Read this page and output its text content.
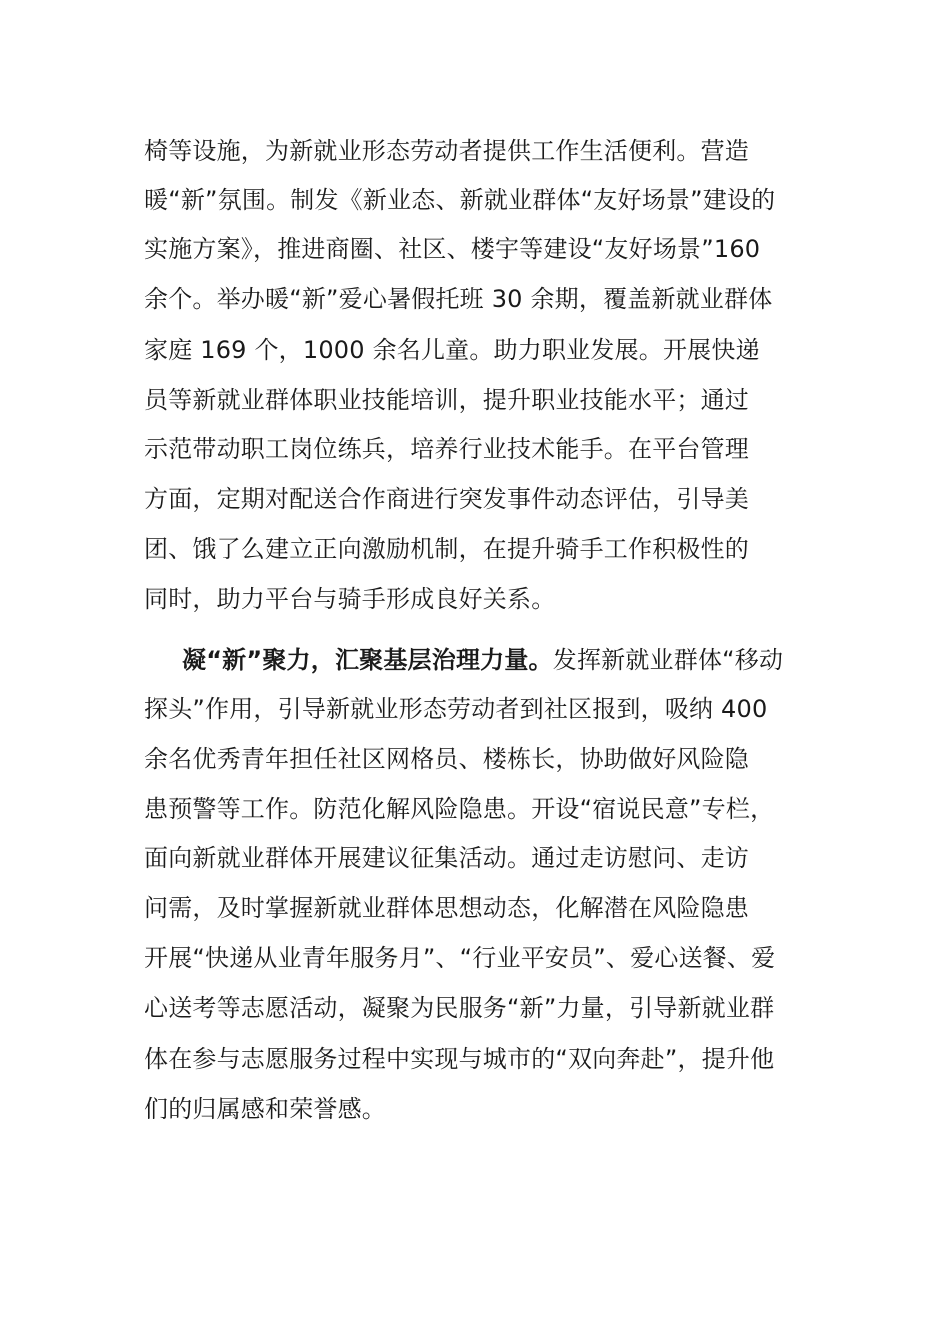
椅等设施，为新就业形态劳动者提供工作生活便利。营造
暖“新”氛围。制发《新业态、新就业群体“友好场景”建设的
实施方案》，推进商圈、社区、楼宇等建设“友好场景”160
余个。举办暖“新”爱心暑假托班 30 余期，覆盖新就业群体
家庭 169 个，1000 余名儿童。助力职业发展。开展快递
员等新就业群体职业技能培训，提升职业技能水平；通过
示范带动职工岗位练兵，培养行业技术能手。在平台管理
方面，定期对配送合作商进行突发事件动态评估，引导美
团、饿了么建立正向激励机制，在提升骑手工作积极性的
同时，助力平台与骑手形成良好关系。
凝“新”聚力，汇聚基层治理力量。发挥新就业群体“移动
探头”作用，引导新就业形态劳动者到社区报到，吸纳 400
余名优秀青年担任社区网格员、楼栋长，协助做好风险隐
患预警等工作。防范化解风险隐患。开设“宿说民意”专栏，
面向新就业群体开展建议征集活动。通过走访慰问、走访
问需，及时掌握新就业群体思想动态，化解潜在风险隐患
开展“快递从业青年服务月”、“行业平安员”、爱心送餐、爱
心送考等志愿活动，凝聚为民服务“新”力量，引导新就业群
体在参与志愿服务过程中实现与城市的“双向奔赴”，提升他
们的归属感和荣誉感。
